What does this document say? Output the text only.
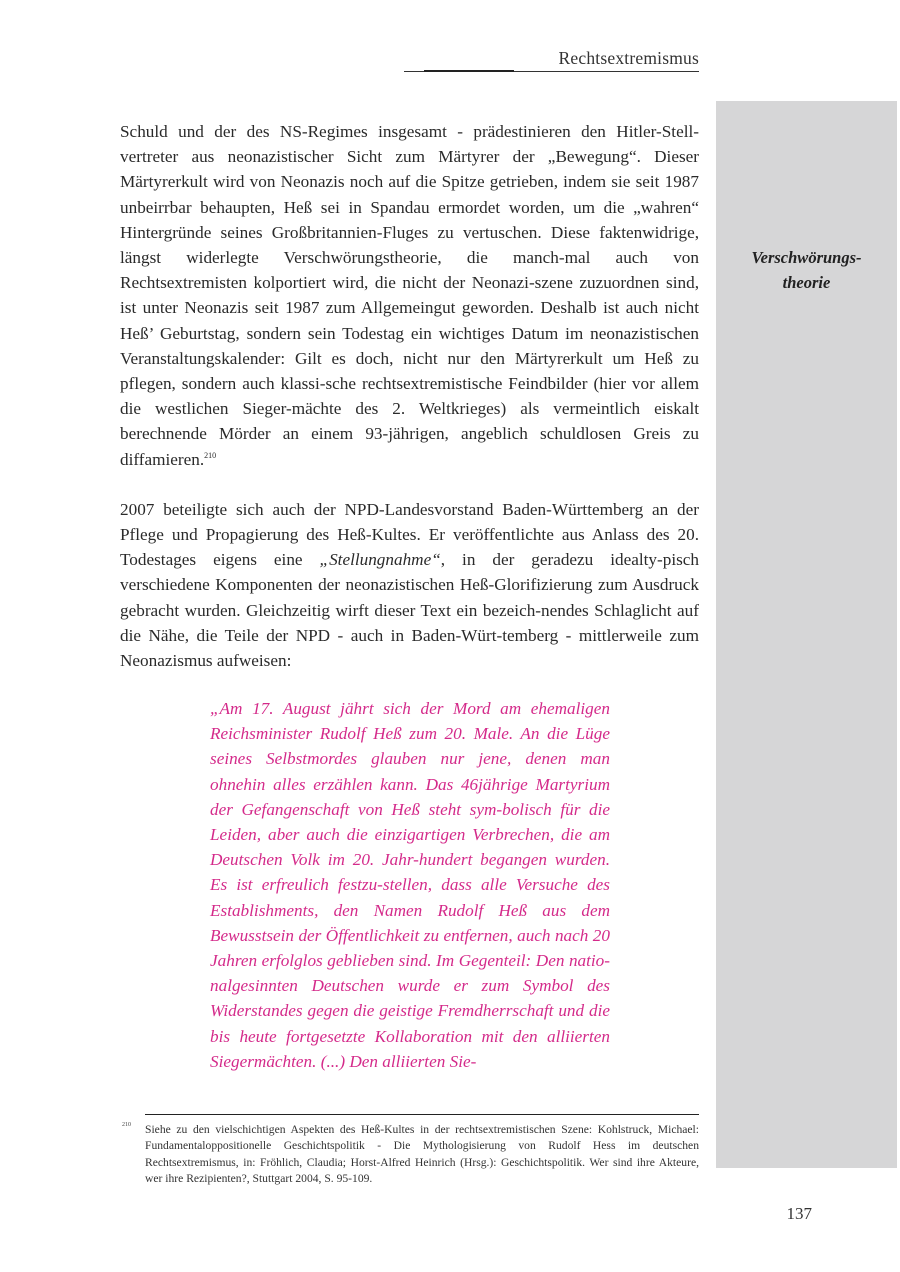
Rechtsextremismus
Verschwörungs-
theorie

Schuld und der des NS-Regimes insgesamt - prädestinieren den Hitler-Stell-vertreter aus neonazistischer Sicht zum Märtyrer der „Bewegung“. Dieser Märtyrerkult wird von Neonazis noch auf die Spitze getrieben, indem sie seit 1987 unbeirrbar behaupten, Heß sei in Spandau ermordet worden, um die „wahren“ Hintergründe seines Großbritannien-Fluges zu vertuschen. Diese faktenwidrige, längst widerlegte Verschwörungstheorie, die manch-mal auch von Rechtsextremisten kolportiert wird, die nicht der Neonazi-szene zuzuordnen sind, ist unter Neonazis seit 1987 zum Allgemeingut geworden. Deshalb ist auch nicht Heß’ Geburtstag, sondern sein Todestag ein wichtiges Datum im neonazistischen Veranstaltungskalender: Gilt es doch, nicht nur den Märtyrerkult um Heß zu pflegen, sondern auch klassi-sche rechtsextremistische Feindbilder (hier vor allem die westlichen Sieger-mächte des 2. Weltkrieges) als vermeintlich eiskalt berechnende Mörder an einem 93-jährigen, angeblich schuldlosen Greis zu diffamieren.$^{210}$

2007 beteiligte sich auch der NPD-Landesvorstand Baden-Württemberg an der Pflege und Propagierung des Heß-Kultes. Er veröffentlichte aus Anlass des 20. Todestages eigens eine „Stellungnahme“, in der geradezu idealty-pisch verschiedene Komponenten der neonazistischen Heß-Glorifizierung zum Ausdruck gebracht wurden. Gleichzeitig wirft dieser Text ein bezeich-nendes Schlaglicht auf die Nähe, die Teile der NPD - auch in Baden-Würt-temberg - mittlerweile zum Neonazismus aufweisen:

„Am 17. August jährt sich der Mord am ehemaligen Reichsminister Rudolf Heß zum 20. Male. An die Lüge seines Selbstmordes glauben nur jene, denen man ohnehin alles erzählen kann. Das 46jährige Martyrium der Gefangenschaft von Heß steht sym-bolisch für die Leiden, aber auch die einzigartigen Verbrechen, die am Deutschen Volk im 20. Jahr-hundert begangen wurden. Es ist erfreulich festzu-stellen, dass alle Versuche des Establishments, den Namen Rudolf Heß aus dem Bewusstsein der Öffentlichkeit zu entfernen, auch nach 20 Jahren erfolglos geblieben sind. Im Gegenteil: Den natio-nalgesinnten Deutschen wurde er zum Symbol des Widerstandes gegen die geistige Fremdherrschaft und die bis heute fortgesetzte Kollaboration mit den alliierten Siegermächten. (...) Den alliierten Sie-
210 Siehe zu den vielschichtigen Aspekten des Heß-Kultes in der rechtsextremistischen Szene: Kohlstruck, Michael: Fundamentaloppositionelle Geschichtspolitik - Die Mythologisierung von Rudolf Hess im deutschen Rechtsextremismus, in: Fröhlich, Claudia; Horst-Alfred Heinrich (Hrsg.): Geschichtspolitik. Wer sind ihre Akteure, wer ihre Rezipienten?, Stuttgart 2004, S. 95-109.
137
